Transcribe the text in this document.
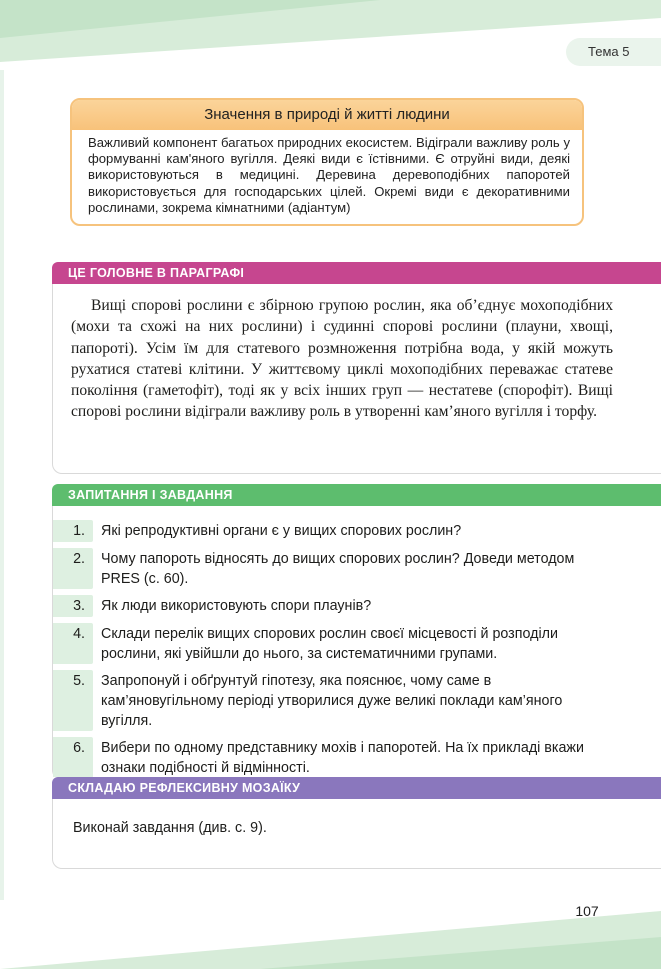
Тема 5
Значення в природі й житті людини
Важливий компонент багатьох природних екосистем. Відіграли важливу роль у формуванні кам'яного вугілля. Деякі види є їстівними. Є отруйні види, деякі використовуються в медицині. Деревина деревоподібних папоротей використовується для господарських цілей. Окремі види є декоративними рослинами, зокрема кімнатними (адіантум)
ЦЕ ГОЛОВНЕ В ПАРАГРАФІ

Вищі спорові рослини є збірною групою рослин, яка об’єднує мохоподібних (мохи та схожі на них рослини) і судинні спорові рослини (плауни, хвощі, папороті). Усім їм для статевого розмноження потрібна вода, у якій можуть рухатися статеві клітини. У життєвому циклі мохоподібних переважає статеве покоління (гаметофіт), тоді як у всіх інших груп — нестатеве (спорофіт). Вищі спорові рослини відіграли важливу роль в утворенні кам’яного вугілля і торфу.

ЗАПИТАННЯ І ЗАВДАННЯ
1.	Які репродуктивні органи є у вищих спорових рослин?
2.	Чому папороть відносять до вищих спорових рослин? Доведи методом PRES (с. 60).
3.	Як люди використовують спори плаунів?
4.	Склади перелік вищих спорових рослин своєї місцевості й розподіли рослини, які увійшли до нього, за систематичними групами.
5.	Запропонуй і обґрунтуй гіпотезу, яка пояснює, чому саме в кам’яновугільному періоді утворилися дуже великі поклади кам’яного вугілля.
6.	Вибери по одному представнику мохів і папоротей. На їх прикладі вкажи ознаки подібності й відмінності.
СКЛАДАЮ РЕФЛЕКСИВНУ МОЗАЇКУ

Виконай завдання (див. с. 9).

107
